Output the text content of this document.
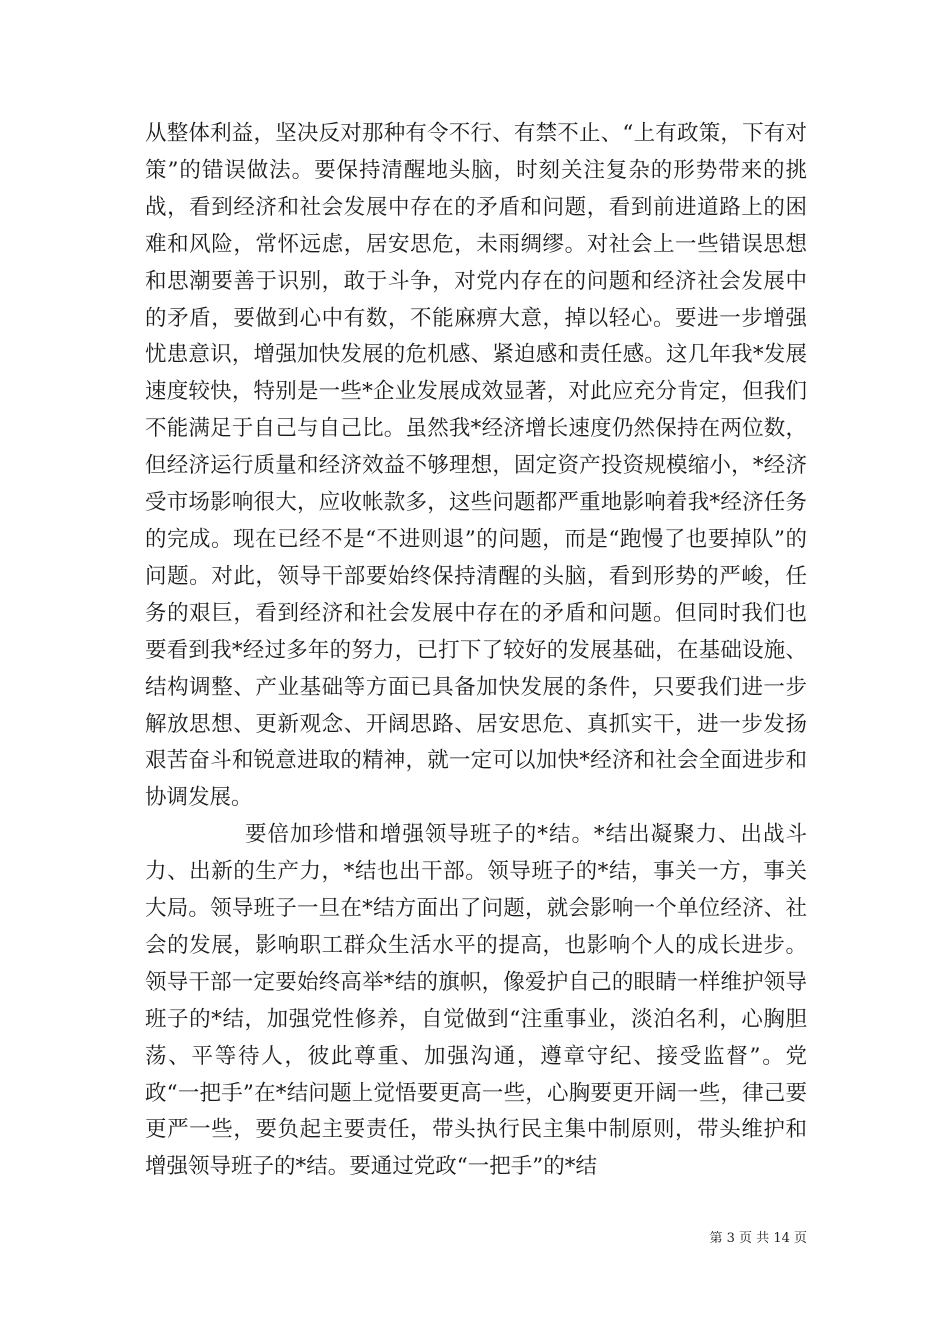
从整体利益，坚决反对那种有令不行、有禁不止、“上有政策，下有对策”的错误做法。要保持清醒地头脑，时刻关注复杂的形势带来的挑战，看到经济和社会发展中存在的矛盾和问题，看到前进道路上的困难和风险，常怀远虑，居安思危，未雨绸缪。对社会上一些错误思想和思潮要善于识别，敢于斗争，对党内存在的问题和经济社会发展中的矛盾，要做到心中有数，不能麻痹大意，掉以轻心。要进一步增强忧患意识，增强加快发展的危机感、紧迫感和责任感。这几年我*发展速度较快，特别是一些*企业发展成效显著，对此应充分肯定，但我们不能满足于自己与自己比。虽然我*经济增长速度仍然保持在两位数，但经济运行质量和经济效益不够理想，固定资产投资规模缩小，*经济受市场影响很大，应收帐款多，这些问题都严重地影响着我*经济任务的完成。现在已经不是“不进则退”的问题，而是“跑慢了也要掉队”的问题。对此，领导干部要始终保持清醒的头脑，看到形势的严峻，任务的艰巨，看到经济和社会发展中存在的矛盾和问题。但同时我们也要看到我*经过多年的努力，已打下了较好的发展基础，在基础设施、结构调整、产业基础等方面已具备加快发展的条件，只要我们进一步解放思想、更新观念、开阔思路、居安思危、真抓实干，进一步发扬艰苦奋斗和锐意进取的精神，就一定可以加快*经济和社会全面进步和协调发展。

要倍加珍惜和增强领导班子的*结。*结出凝聚力、出战斗力、出新的生产力，*结也出干部。领导班子的*结，事关一方，事关大局。领导班子一旦在*结方面出了问题，就会影响一个单位经济、社会的发展，影响职工群众生活水平的提高，也影响个人的成长进步。领导干部一定要始终高举*结的旗帜，像爱护自己的眼睛一样维护领导班子的*结，加强党性修养，自觉做到“注重事业，淡泊名利，心胸胆荡、平等待人，彼此尊重、加强沟通，遵章守纪、接受监督”。党政“一把手”在*结问题上觉悟要更高一些，心胸要更开阔一些，律己要更严一些，要负起主要责任，带头执行民主集中制原则，带头维护和增强领导班子的*结。要通过党政“一把手”的*结

第 3 页 共 14 页
